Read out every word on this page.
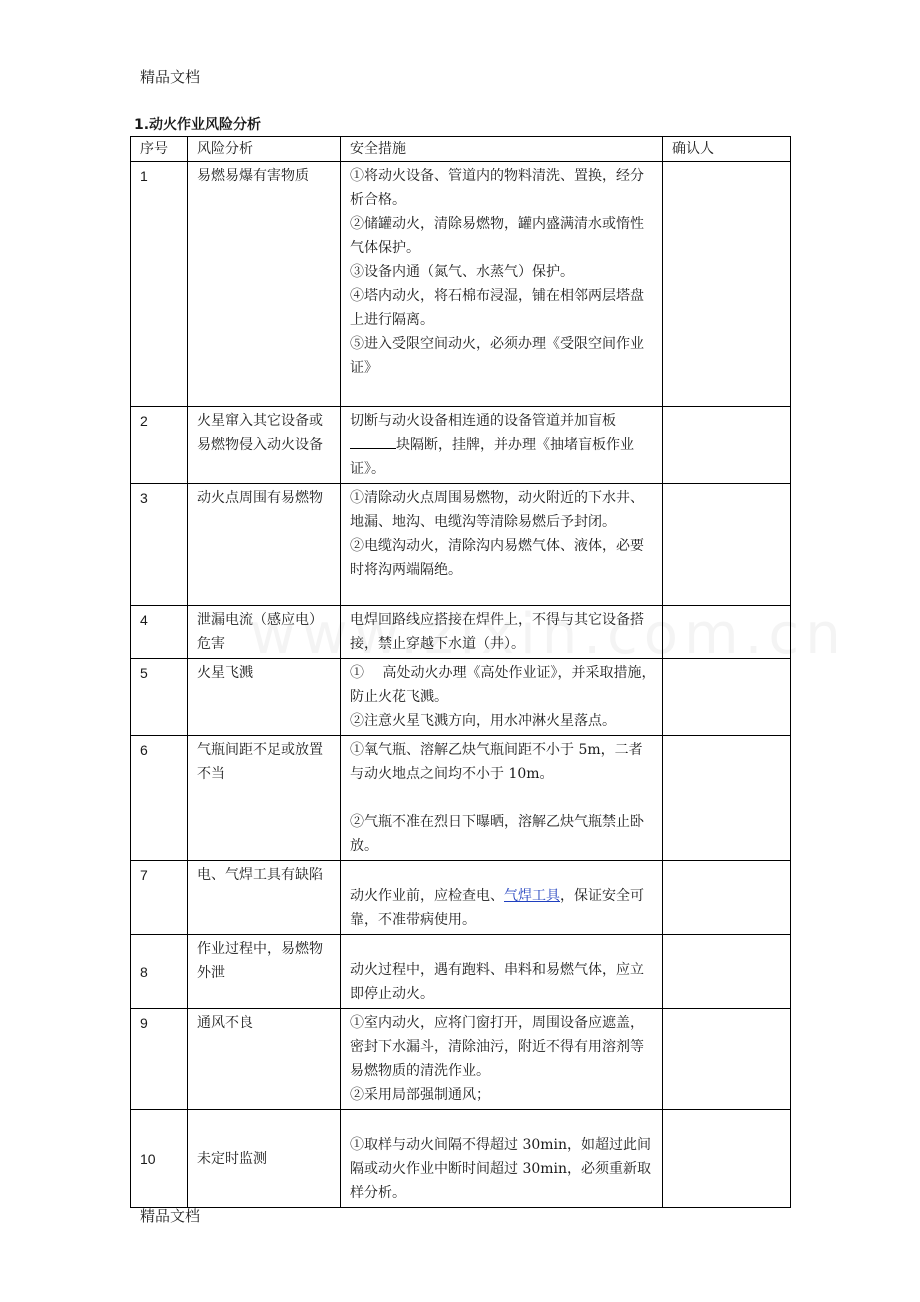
精品文档
1.动火作业风险分析
序号	风险分析	安全措施	确认人
1	易燃易爆有害物质	①将动火设备、管道内的物料清洗、置换，经分析合格。
②储罐动火，清除易燃物，罐内盛满清水或惰性气体保护。
③设备内通（氮气、水蒸气）保护。
④塔内动火，将石棉布浸湿，铺在相邻两层塔盘上进行隔离。
⑤进入受限空间动火，必须办理《受限空间作业证》	

2	火星窜入其它设备或易燃物侵入动火设备	切断与动火设备相连通的设备管道并加盲板块隔断，挂牌，并办理《抽堵盲板作业证》。	
3	动火点周围有易燃物	①清除动火点周围易燃物，动火附近的下水井、地漏、地沟、电缆沟等清除易燃后予封闭。
②电缆沟动火，清除沟内易燃气体、液体，必要时将沟两端隔绝。	

4	泄漏电流（感应电）危害	电焊回路线应搭接在焊件上，不得与其它设备搭接，禁止穿越下水道（井）。	

5	火星飞溅	①　 高处动火办理《高处作业证》，并采取措施，防止火花飞溅。
②注意火星飞溅方向，用水冲淋火星落点。	

6	气瓶间距不足或放置不当	①氧气瓶、溶解乙炔气瓶间距不小于 5m，二者与动火地点之间均不小于 10m。
②气瓶不准在烈日下曝晒，溶解乙炔气瓶禁止卧放。	

7	电、气焊工具有缺陷	动火作业前，应检查电、气焊工具，保证安全可靠，不准带病使用。	
8	作业过程中，易燃物外泄	动火过程中，遇有跑料、串料和易燃气体，应立即停止动火。	

9	通风不良	①室内动火，应将门窗打开，周围设备应遮盖，密封下水漏斗，清除油污，附近不得有用溶剂等易燃物质的清洗作业。
②采用局部强制通风；	

10	未定时监测	①取样与动火间隔不得超过 30min，如超过此间隔或动火作业中断时间超过 30min，必须重新取样分析。	

精品文档
